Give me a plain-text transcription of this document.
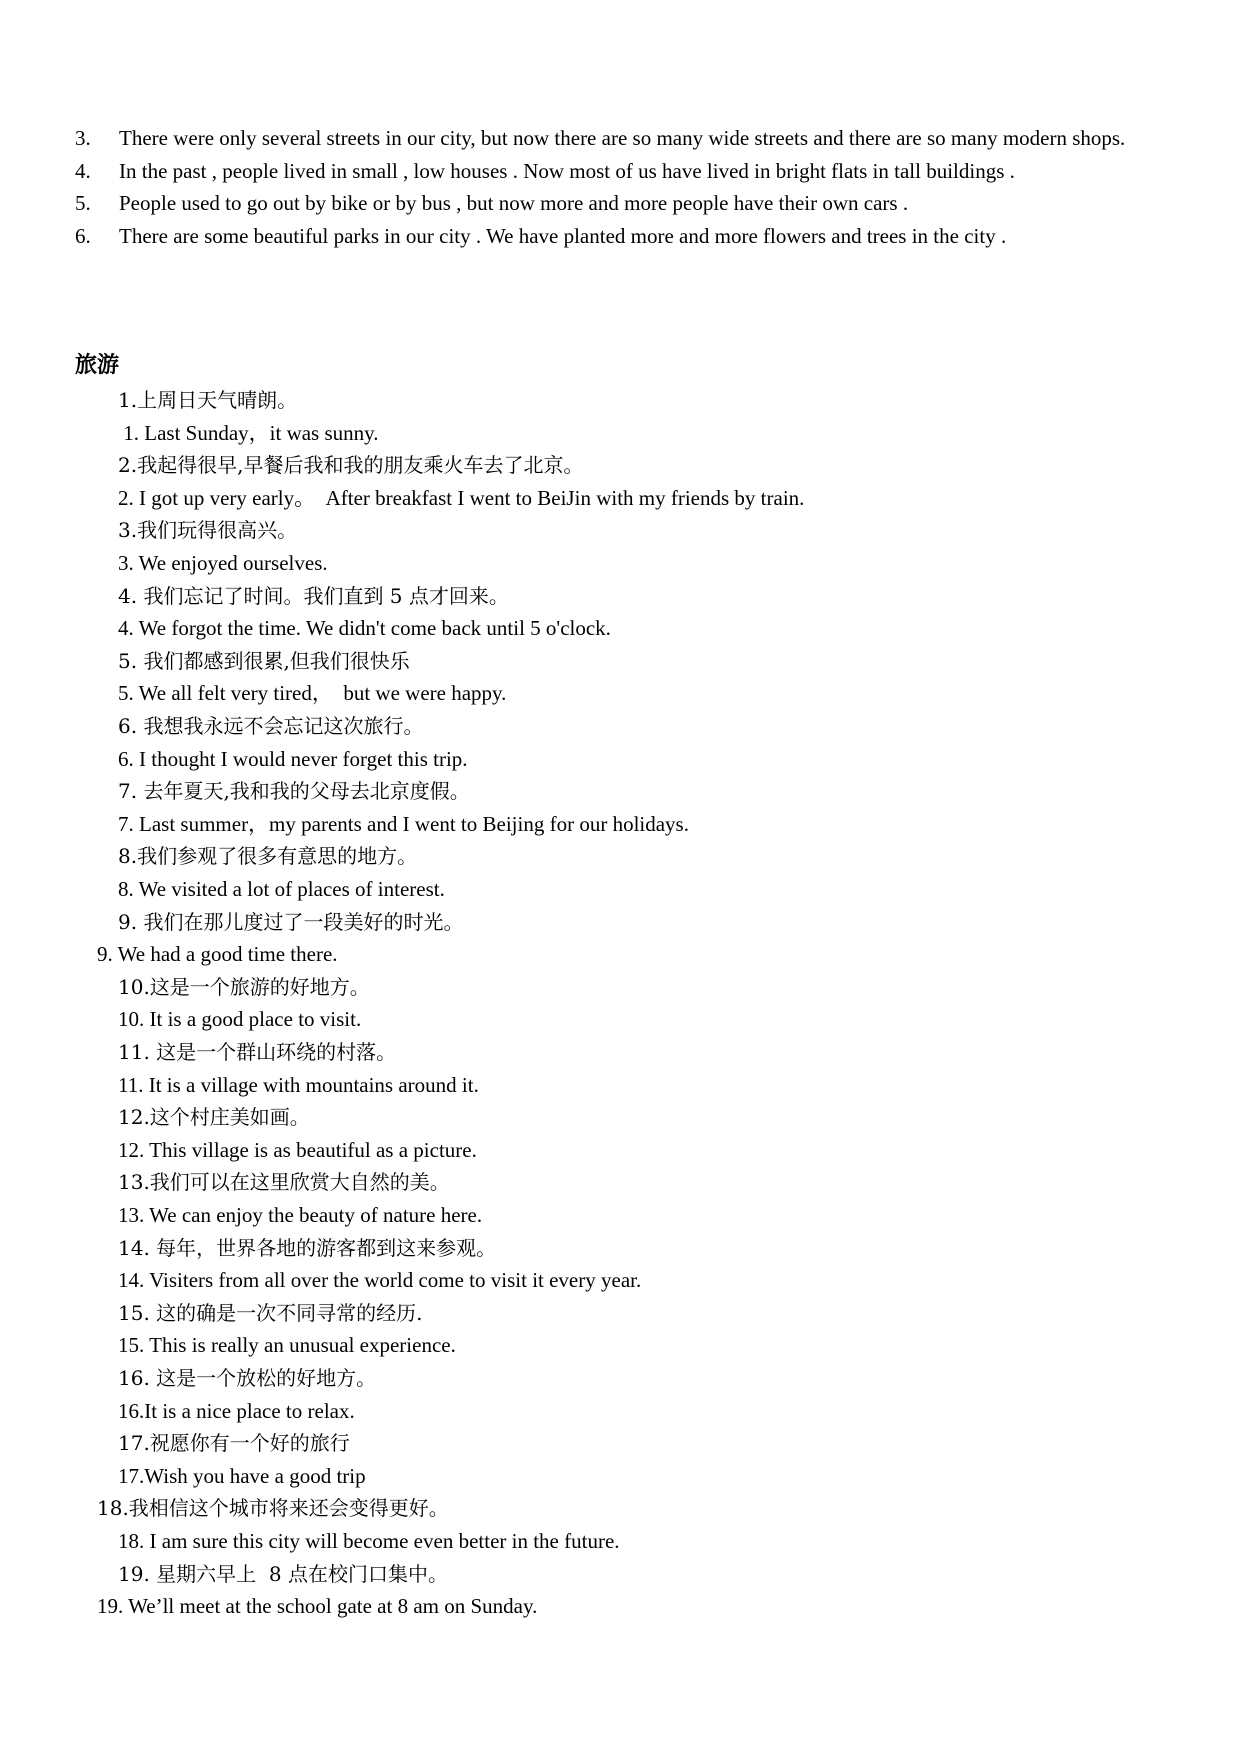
3.	There were only several streets in our city, but now there are so many wide streets and there are so many modern shops.
4.	In the past , people lived in small , low houses . Now most of us have lived in bright flats in tall buildings .
5.	People used to go out by bike or by bus , but now more and more people have their own cars .
6.	There are some beautiful parks in our city . We have planted more and more flowers and trees in the city .
旅游
1.上周日天气晴朗。
1. Last Sunday，it was sunny.
2.我起得很早,早餐后我和我的朋友乘火车去了北京。
2. I got up very early。  After breakfast I went to BeiJin with my friends by train.
3.我们玩得很高兴。
3. We enjoyed ourselves.
4. 我们忘记了时间。我们直到 5 点才回来。
4. We forgot the time. We didn't come back until 5 o'clock.
5. 我们都感到很累,但我们很快乐
5. We all felt very tired，  but we were happy.
6. 我想我永远不会忘记这次旅行。
6. I thought I would never forget this trip.
7. 去年夏天,我和我的父母去北京度假。
7. Last summer，my parents and I went to Beijing for our holidays.
8.我们参观了很多有意思的地方。
8. We visited a lot of places of interest.
9. 我们在那儿度过了一段美好的时光。
9. We had a good time there.
10.这是一个旅游的好地方。
10. It is a good place to visit.
11. 这是一个群山环绕的村落。
11. It is a village with mountains around it.
12.这个村庄美如画。
12. This village is as beautiful as a picture.
13.我们可以在这里欣赏大自然的美。
13. We can enjoy the beauty of nature here.
14. 每年，世界各地的游客都到这来参观。
14. Visiters from all over the world come to visit it every year.
15. 这的确是一次不同寻常的经历.
15. This is really an unusual experience.
16. 这是一个放松的好地方。
16.It is a nice place to relax.
17.祝愿你有一个好的旅行
17.Wish you have a good trip
18.我相信这个城市将来还会变得更好。
18. I am sure this city will become even better in the future.
19. 星期六早上  8 点在校门口集中。
19. We’ll meet at the school gate at 8 am on Sunday.
